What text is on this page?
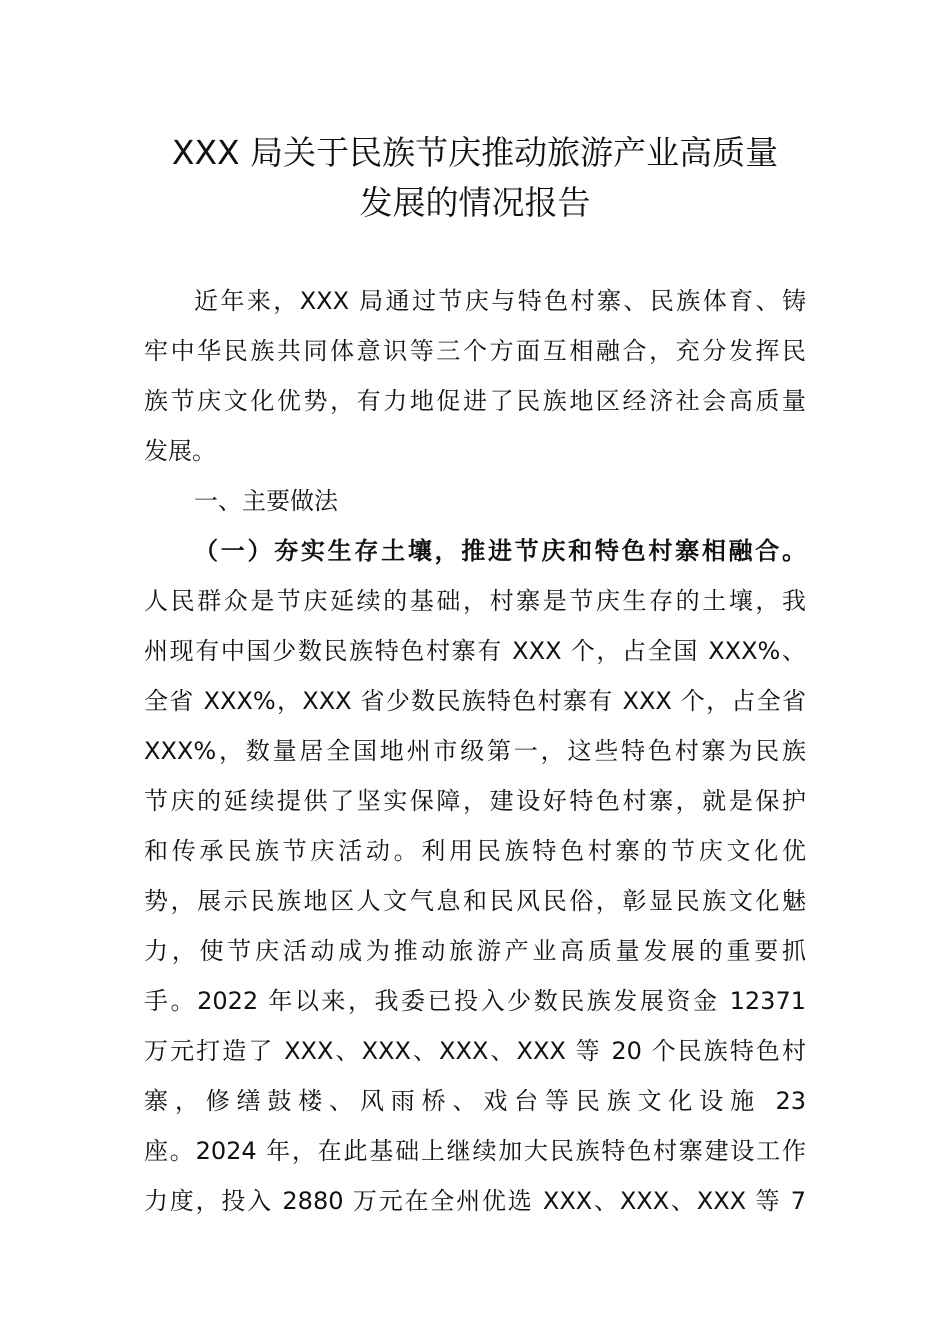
XXX 局关于民族节庆推动旅游产业高质量
发展的情况报告
近年来，XXX 局通过节庆与特色村寨、民族体育、铸
牢中华民族共同体意识等三个方面互相融合，充分发挥民
族节庆文化优势，有力地促进了民族地区经济社会高质量
发展。
一、主要做法
（一）夯实生存土壤，推进节庆和特色村寨相融合。
人民群众是节庆延续的基础，村寨是节庆生存的土壤，我
州现有中国少数民族特色村寨有 XXX 个，占全国 XXX%、
全省 XXX%，XXX 省少数民族特色村寨有 XXX 个，占全省
XXX%，数量居全国地州市级第一，这些特色村寨为民族
节庆的延续提供了坚实保障，建设好特色村寨，就是保护
和传承民族节庆活动。利用民族特色村寨的节庆文化优
势，展示民族地区人文气息和民风民俗，彰显民族文化魅
力，使节庆活动成为推动旅游产业高质量发展的重要抓
手。2022 年以来，我委已投入少数民族发展资金 12371
万元打造了 XXX、XXX、XXX、XXX 等 20 个民族特色村
寨，修缮鼓楼、风雨桥、戏台等民族文化设施 23
座。2024 年，在此基础上继续加大民族特色村寨建设工作
力度，投入 2880 万元在全州优选 XXX、XXX、XXX 等 7
